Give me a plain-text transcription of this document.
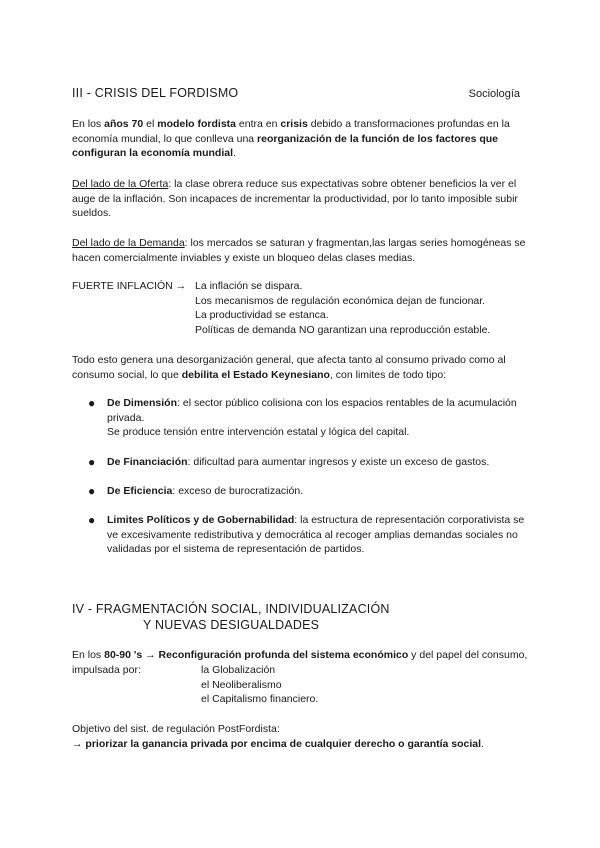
III - CRISIS DEL FORDISMO	Sociología
En los años 70 el modelo fordista entra en crisis debido a transformaciones profundas en la economía mundial, lo que conlleva una reorganización de la función de los factores que configuran la economía mundial.
Del lado de la Oferta: la clase obrera reduce sus expectativas sobre obtener beneficios la ver el auge de la inflación. Son incapaces de incrementar la productividad, por lo tanto imposible subir sueldos.
Del lado de la Demanda: los mercados se saturan y fragmentan,las largas series homogéneas se hacen comercialmente inviables y existe un bloqueo delas clases medias.
FUERTE INFLACIÓN → La inflación se dispara.
Los mecanismos de regulación económica dejan de funcionar.
La productividad se estanca.
Políticas de demanda NO garantizan una reproducción estable.
Todo esto genera una desorganización general, que afecta tanto al consumo privado como al consumo social, lo que debilita el Estado Keynesiano, con limites de todo tipo:
● De Dimensión: el sector público colisiona con los espacios rentables de la acumulación privada.
Se produce tensión entre intervención estatal y lógica del capital.
● De Financiación: dificultad para aumentar ingresos y existe un exceso de gastos.
● De Eficiencia: exceso de burocratización.
● Limites Políticos y de Gobernabilidad: la estructura de representación corporativista se ve excesivamente redistributiva y democrática al recoger amplias demandas sociales no validadas por el sistema de representación de partidos.
IV - FRAGMENTACIÓN SOCIAL, INDIVIDUALIZACIÓN
Y NUEVAS DESIGUALDADES
En los 80-90 's → Reconfiguración profunda del sistema económico y del papel del consumo, impulsada por:	la Globalización
el Neoliberalismo
el Capitalismo financiero.
Objetivo del sist. de regulación PostFordista:
→ priorizar la ganancia privada por encima de cualquier derecho o garantía social.
